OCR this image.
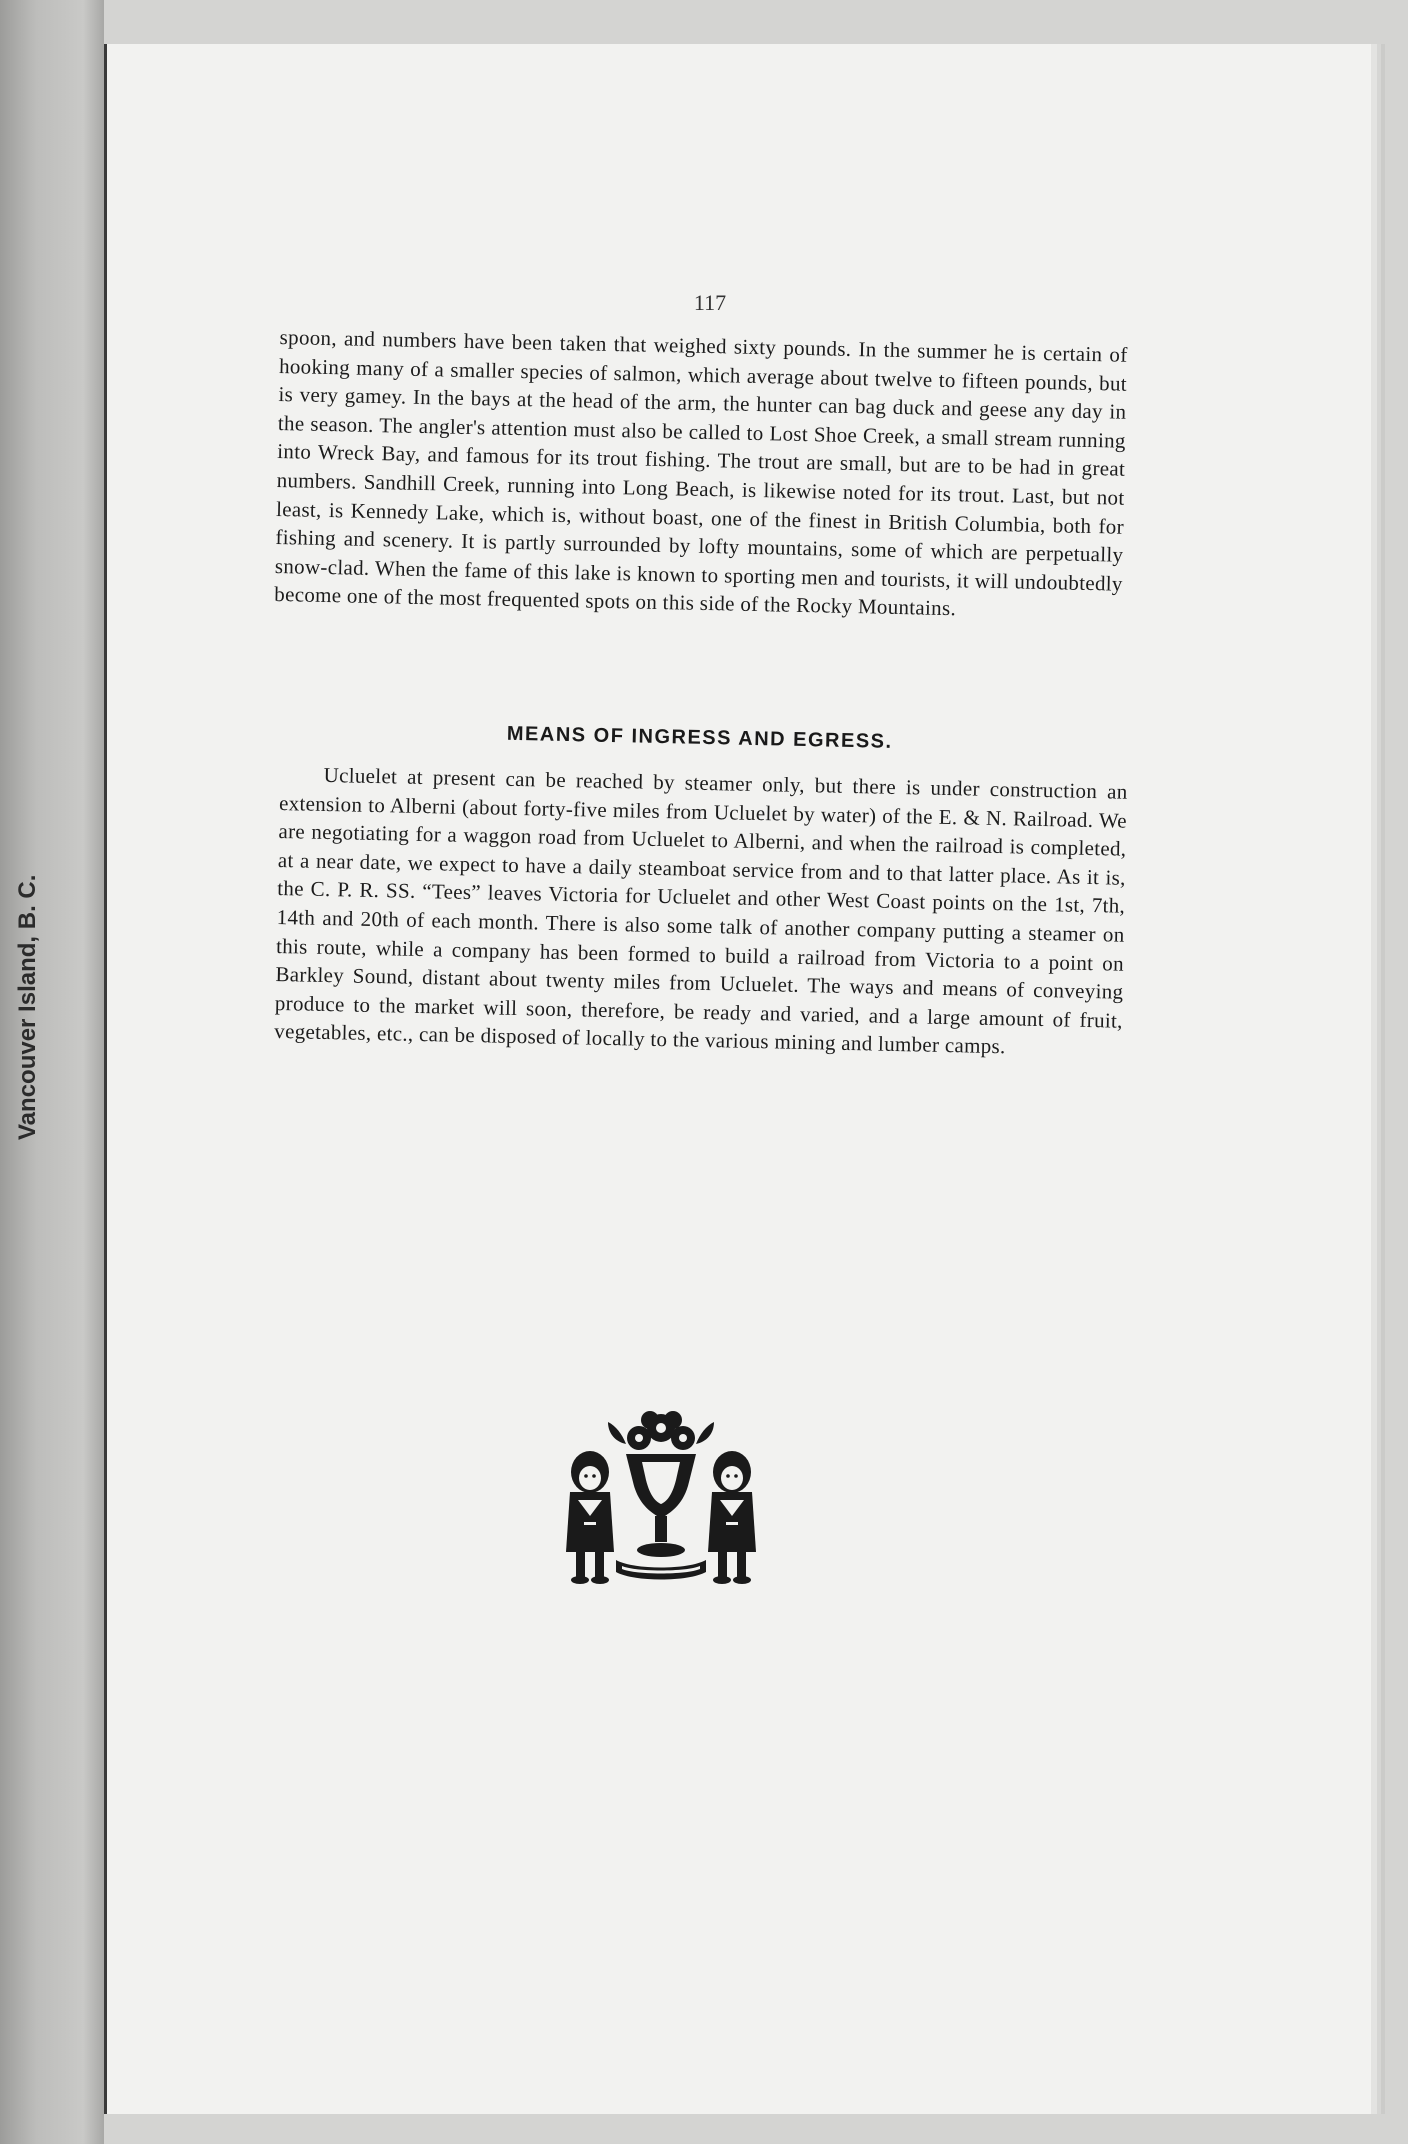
Vancouver Island, B. C.
117
spoon, and numbers have been taken that weighed sixty pounds. In the summer he is certain of hooking many of a smaller species of salmon, which average about twelve to fifteen pounds, but is very gamey. In the bays at the head of the arm, the hunter can bag duck and geese any day in the season. The angler's attention must also be called to Lost Shoe Creek, a small stream running into Wreck Bay, and famous for its trout fishing. The trout are small, but are to be had in great numbers. Sandhill Creek, running into Long Beach, is likewise noted for its trout. Last, but not least, is Kennedy Lake, which is, without boast, one of the finest in British Columbia, both for fishing and scenery. It is partly surrounded by lofty mountains, some of which are perpetually snow-clad. When the fame of this lake is known to sporting men and tourists, it will undoubtedly become one of the most frequented spots on this side of the Rocky Mountains.
MEANS OF INGRESS AND EGRESS.
Ucluelet at present can be reached by steamer only, but there is under construction an extension to Alberni (about forty-five miles from Ucluelet by water) of the E. & N. Railroad. We are negotiating for a waggon road from Ucluelet to Alberni, and when the railroad is completed, at a near date, we expect to have a daily steamboat service from and to that latter place. As it is, the C. P. R. SS. “Tees” leaves Victoria for Ucluelet and other West Coast points on the 1st, 7th, 14th and 20th of each month. There is also some talk of another company putting a steamer on this route, while a company has been formed to build a railroad from Victoria to a point on Barkley Sound, distant about twenty miles from Ucluelet. The ways and means of conveying produce to the market will soon, therefore, be ready and varied, and a large amount of fruit, vegetables, etc., can be disposed of locally to the various mining and lumber camps.
